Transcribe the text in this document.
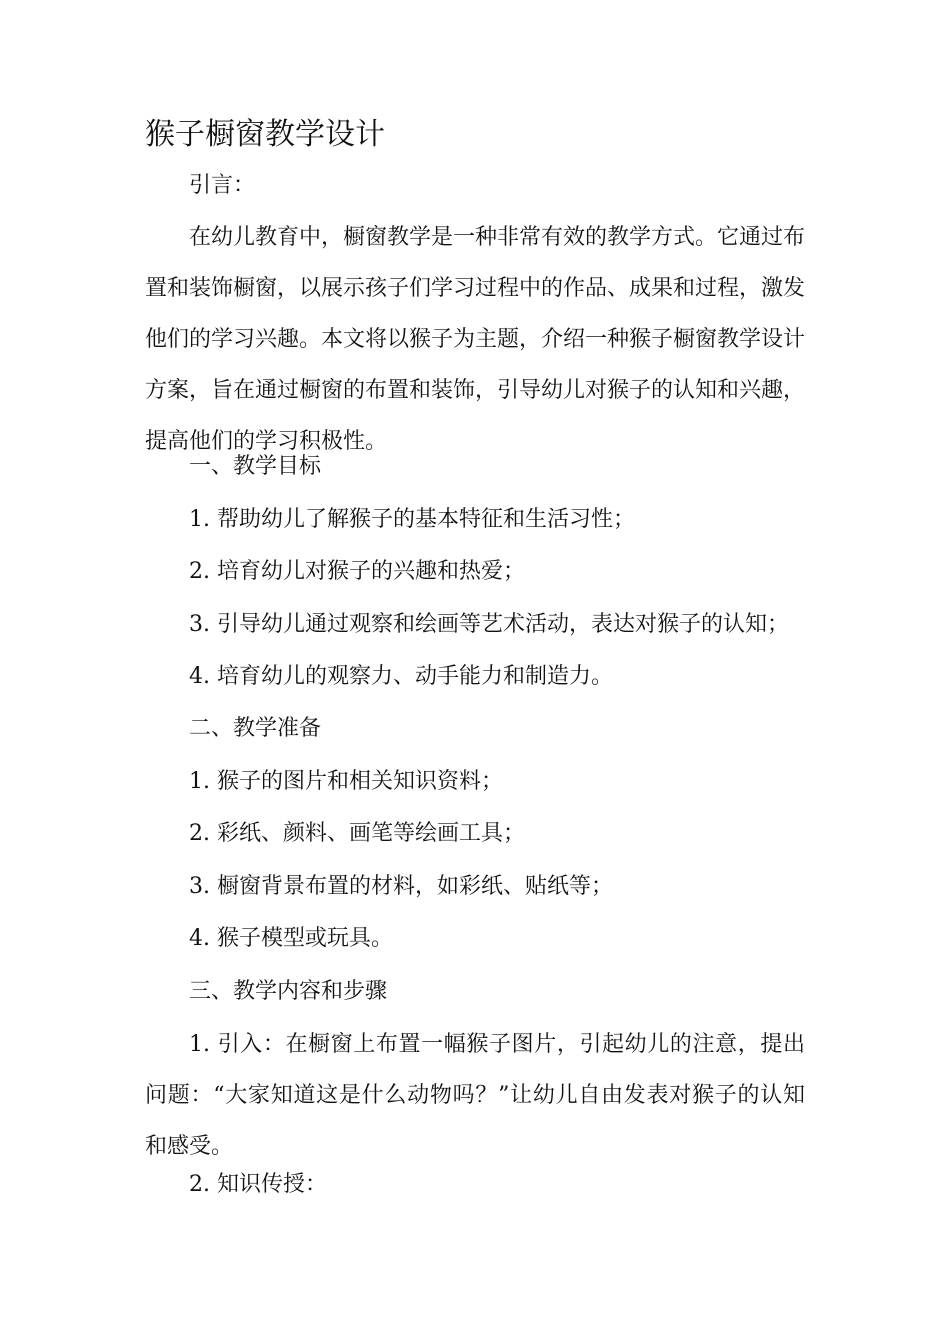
猴子橱窗教学设计

引言：

在幼儿教育中，橱窗教学是一种非常有效的教学方式。它通过布置和装饰橱窗，以展示孩子们学习过程中的作品、成果和过程，激发他们的学习兴趣。本文将以猴子为主题，介绍一种猴子橱窗教学设计方案，旨在通过橱窗的布置和装饰，引导幼儿对猴子的认知和兴趣，提高他们的学习积极性。

一、教学目标

1. 帮助幼儿了解猴子的基本特征和生活习性；

2. 培育幼儿对猴子的兴趣和热爱；

3. 引导幼儿通过观察和绘画等艺术活动，表达对猴子的认知；

4. 培育幼儿的观察力、动手能力和制造力。

二、教学准备

1. 猴子的图片和相关知识资料；

2. 彩纸、颜料、画笔等绘画工具；

3. 橱窗背景布置的材料，如彩纸、贴纸等；

4. 猴子模型或玩具。

三、教学内容和步骤

1. 引入：在橱窗上布置一幅猴子图片，引起幼儿的注意，提出问题：“大家知道这是什么动物吗？”让幼儿自由发表对猴子的认知和感受。

2. 知识传授：
